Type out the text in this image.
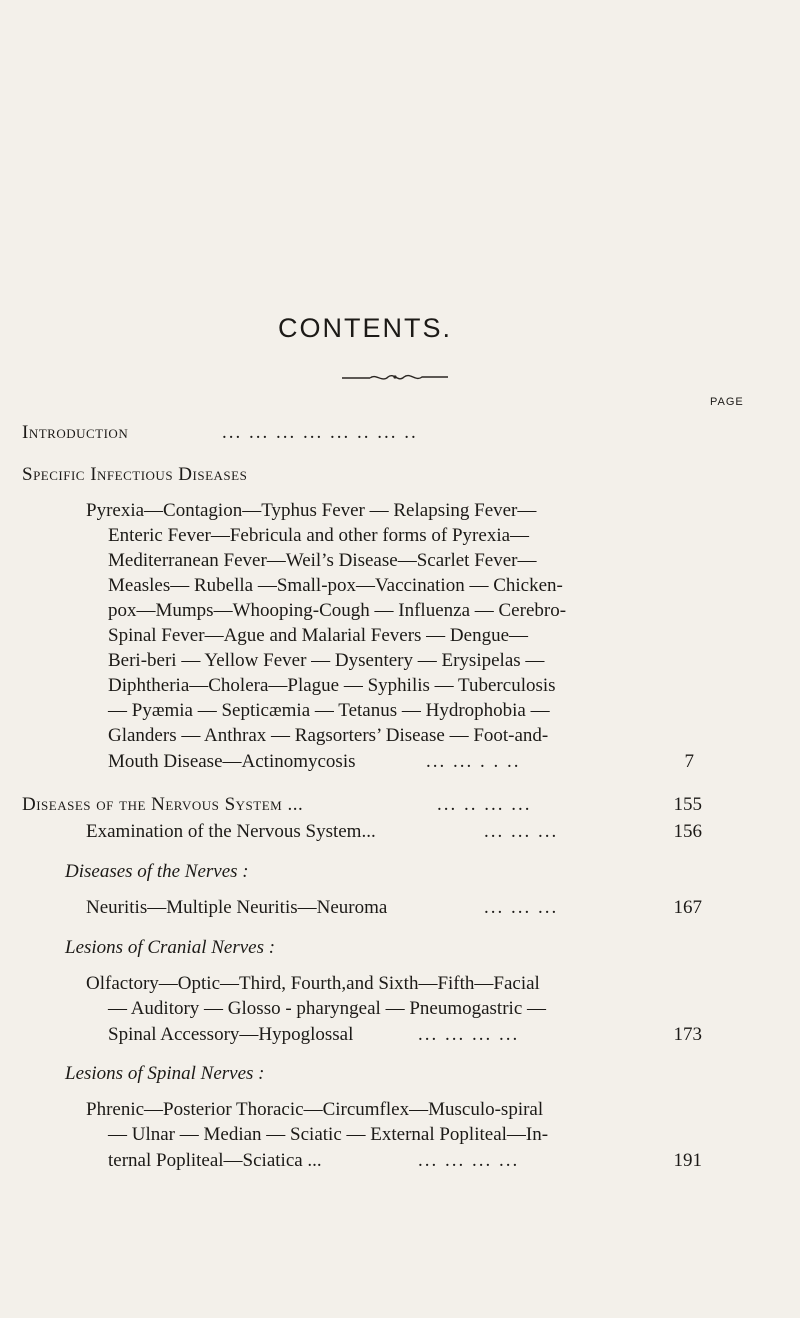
CONTENTS.
PAGE
Introduction	... ... ... ... ... .. ... ..
Specific Infectious Diseases
Pyrexia—Contagion—Typhus Fever — Relapsing Fever—
Enteric Fever—Febricula and other forms of Pyrexia—
Mediterranean Fever—Weil’s Disease—Scarlet Fever—
Measles— Rubella —Small-pox—Vaccination — Chicken-
pox—Mumps—Whooping-Cough — Influenza — Cerebro-
Spinal Fever—Ague and Malarial Fevers — Dengue—
Beri-beri — Yellow Fever — Dysentery — Erysipelas —
Diphtheria—Cholera—Plague — Syphilis — Tuberculosis
— Pyæmia — Septicæmia — Tetanus — Hydrophobia —
Glanders — Anthrax — Ragsorters’ Disease — Foot-and-
Mouth Disease—Actinomycosis	... ... . . ..	7
Diseases of the Nervous System ...	... .. ... ...	155
Examination of the Nervous System...	... ... ...	156
Diseases of the Nerves :
Neuritis—Multiple Neuritis—Neuroma	... ... ...	167
Lesions of Cranial Nerves :
Olfactory—Optic—Third, Fourth,and Sixth—Fifth—Facial
— Auditory — Glosso - pharyngeal — Pneumogastric —
Spinal Accessory—Hypoglossal	... ... ... ...	173
Lesions of Spinal Nerves :
Phrenic—Posterior Thoracic—Circumflex—Musculo-spiral
— Ulnar — Median — Sciatic — External Popliteal—In-
ternal Popliteal—Sciatica ...	... ... ... ...	191
